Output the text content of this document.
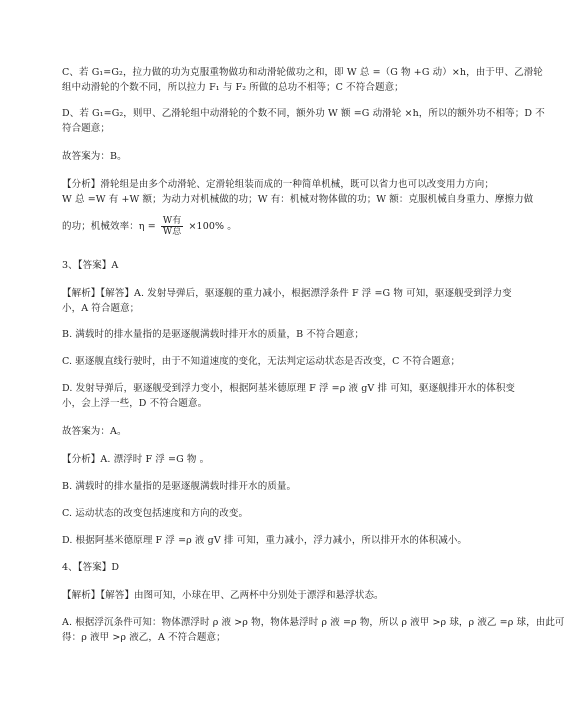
C、若 G₁=G₂，拉力做的功为克服重物做功和动滑轮做功之和，即 W 总 =（G 物 +G 动）×h，由于甲、乙滑轮
组中动滑轮的个数不同，所以拉力 F₁ 与 F₂ 所做的总功不相等；C 不符合题意；
D、若 G₁=G₂，则甲、乙滑轮组中动滑轮的个数不同，额外功 W 额 =G 动滑轮 ×h，所以的额外功不相等；D 不
符合题意；
故答案为：B。
【分析】滑轮组是由多个动滑轮、定滑轮组装而成的一种简单机械，既可以省力也可以改变用力方向；
W 总 =W 有 +W 额；为动力对机械做的功；W 有：机械对物体做的功；W 额：克服机械自身重力、摩擦力做
3、【答案】A
【解析】【解答】A. 发射导弹后，驱逐舰的重力减小，根据漂浮条件 F 浮 =G 物 可知，驱逐舰受到浮力变
小，A 符合题意；
B. 满载时的排水量指的是驱逐舰满载时排开水的质量，B 不符合题意；
C. 驱逐舰直线行驶时，由于不知道速度的变化，无法判定运动状态是否改变，C 不符合题意；
D. 发射导弹后，驱逐舰受到浮力变小，根据阿基米德原理 F 浮 =ρ 液 gV 排 可知，驱逐舰排开水的体积变
小，会上浮一些，D 不符合题意。
故答案为：A。
【分析】A. 漂浮时 F 浮 =G 物 。
B. 满载时的排水量指的是驱逐舰满载时排开水的质量。
C. 运动状态的改变包括速度和方向的改变。
D. 根据阿基米德原理 F 浮 =ρ 液 gV 排 可知，重力减小，浮力减小，所以排开水的体积减小。
4、【答案】D
【解析】【解答】由图可知，小球在甲、乙两杯中分别处于漂浮和悬浮状态。
A. 根据浮沉条件可知：物体漂浮时 ρ 液 >ρ 物，物体悬浮时 ρ 液 =ρ 物，所以 ρ 液甲 >ρ 球，ρ 液乙 =ρ 球，由此可
得：ρ 液甲 >ρ 液乙，A 不符合题意；
的功；机械效率：$\eta = \frac{\text{W有}}{\text{W总}} \times 100\%$ 。
